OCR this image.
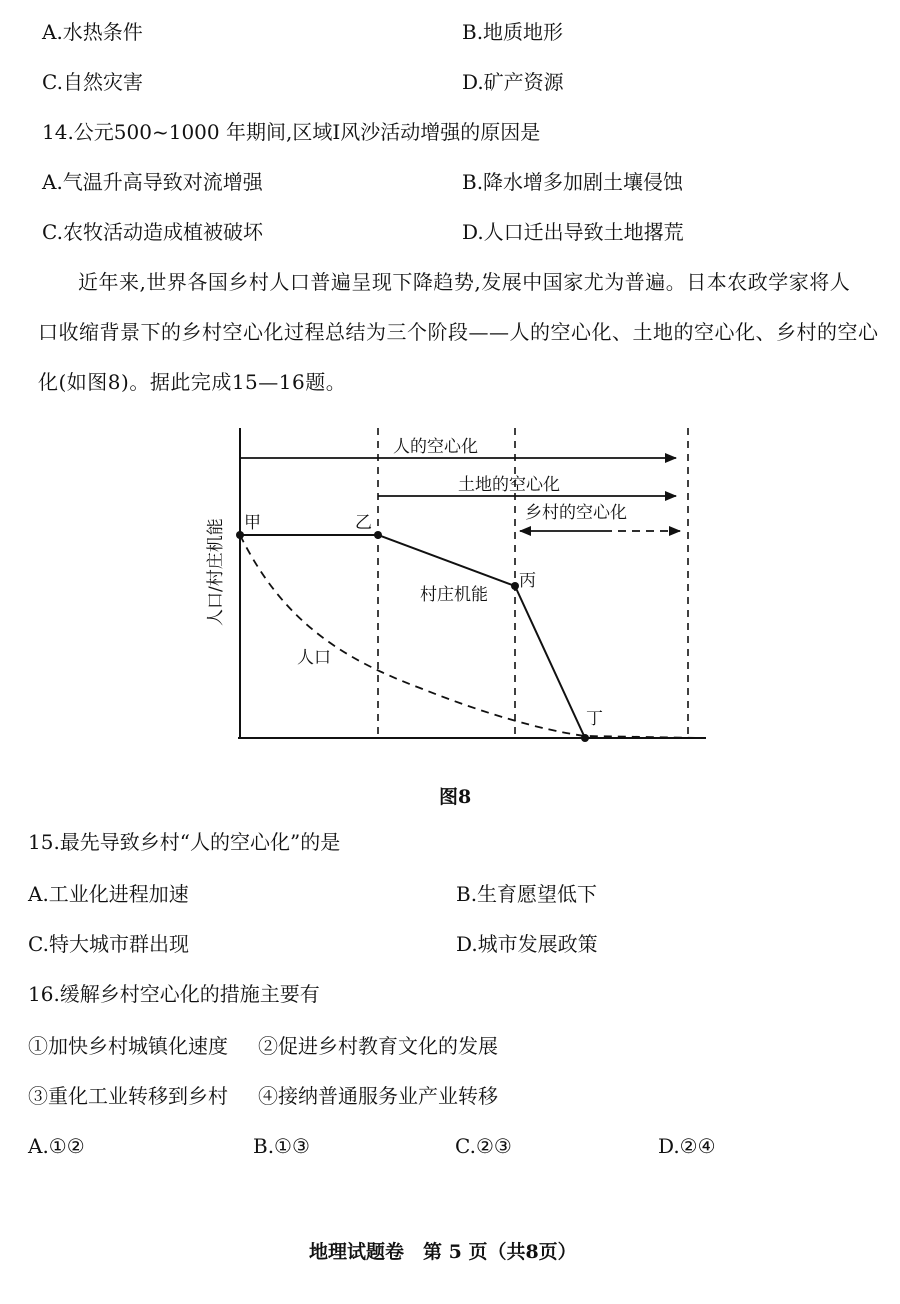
A.水热条件	B.地质地形
C.自然灾害	D.矿产资源
14.公元500~1000 年期间,区域Ⅰ风沙活动增强的原因是
A.气温升高导致对流增强	B.降水增多加剧土壤侵蚀
C.农牧活动造成植被破坏	D.人口迁出导致土地撂荒
近年来,世界各国乡村人口普遍呈现下降趋势,发展中国家尤为普遍。日本农政学家将人
口收缩背景下的乡村空心化过程总结为三个阶段——人的空心化、土地的空心化、乡村的空心
化(如图8)。据此完成15—16题。
人口/村庄机能
人的空心化
土地的空心化
乡村的空心化
村庄机能
人口
甲	乙
丙
丁
图8
15.最先导致乡村“人的空心化”的是
A.工业化进程加速	B.生育愿望低下
C.特大城市群出现	D.城市发展政策
16.缓解乡村空心化的措施主要有
①加快乡村城镇化速度 ②促进乡村教育文化的发展
③重化工业转移到乡村 ④接纳普通服务业产业转移
A.①②	B.①③	C.②③	D.②④
地理试题卷　第 5 页（共8页）
